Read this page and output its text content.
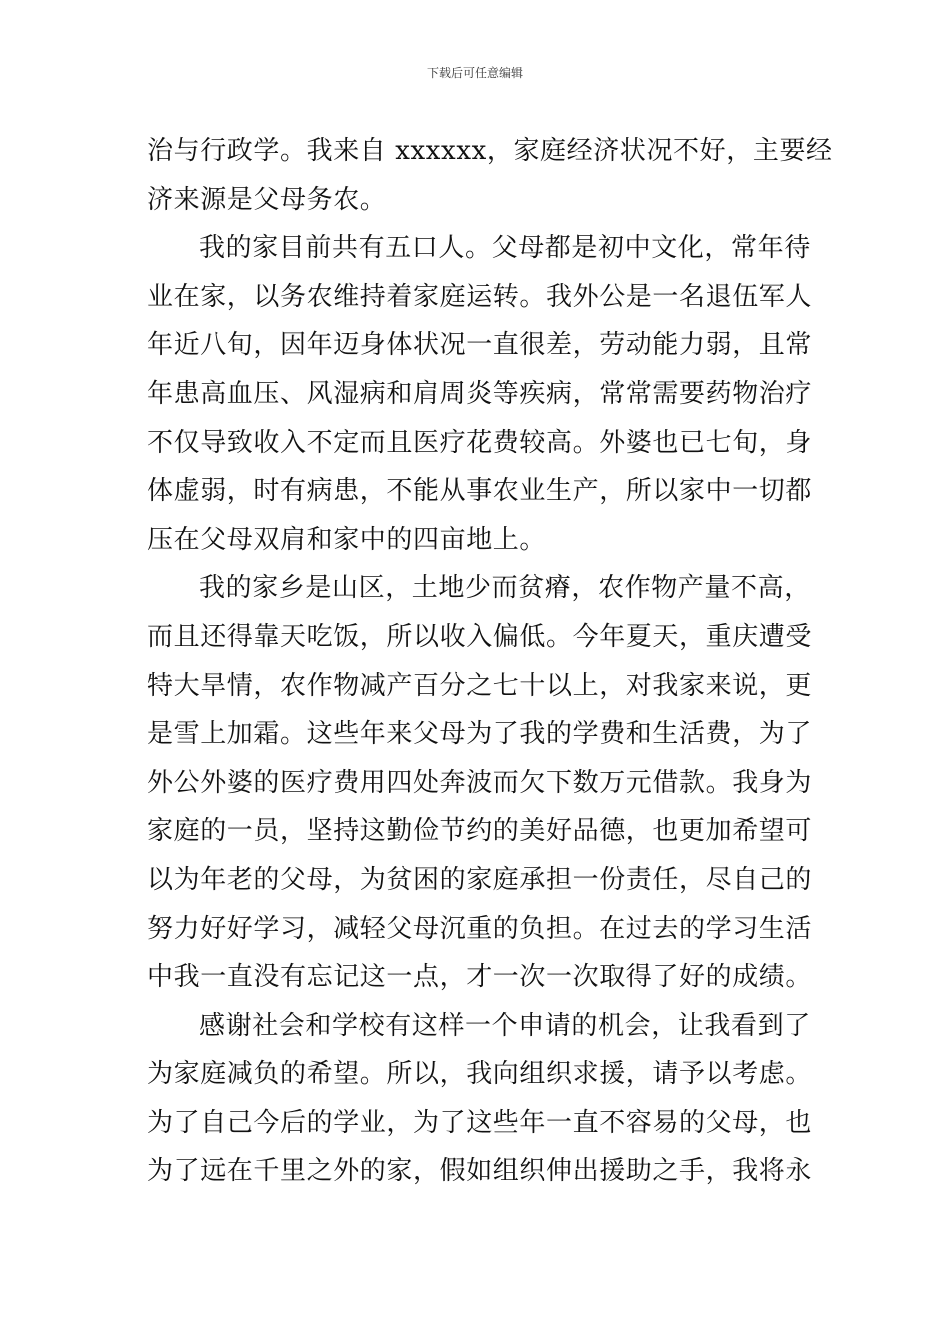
下载后可任意编辑
治与行政学。我来自 xxxxxx，家庭经济状况不好，主要经
济来源是父母务农。
我的家目前共有五口人。父母都是初中文化，常年待
业在家，以务农维持着家庭运转。我外公是一名退伍军人
年近八旬，因年迈身体状况一直很差，劳动能力弱，且常
年患高血压、风湿病和肩周炎等疾病，常常需要药物治疗
不仅导致收入不定而且医疗花费较高。外婆也已七旬，身
体虚弱，时有病患，不能从事农业生产，所以家中一切都
压在父母双肩和家中的四亩地上。
我的家乡是山区，土地少而贫瘠，农作物产量不高，
而且还得靠天吃饭，所以收入偏低。今年夏天，重庆遭受
特大旱情，农作物减产百分之七十以上，对我家来说，更
是雪上加霜。这些年来父母为了我的学费和生活费，为了
外公外婆的医疗费用四处奔波而欠下数万元借款。我身为
家庭的一员，坚持这勤俭节约的美好品德，也更加希望可
以为年老的父母，为贫困的家庭承担一份责任，尽自己的
努力好好学习，减轻父母沉重的负担。在过去的学习生活
中我一直没有忘记这一点，才一次一次取得了好的成绩。
感谢社会和学校有这样一个申请的机会，让我看到了
为家庭减负的希望。所以，我向组织求援，请予以考虑。
为了自己今后的学业，为了这些年一直不容易的父母，也
为了远在千里之外的家，假如组织伸出援助之手，我将永
